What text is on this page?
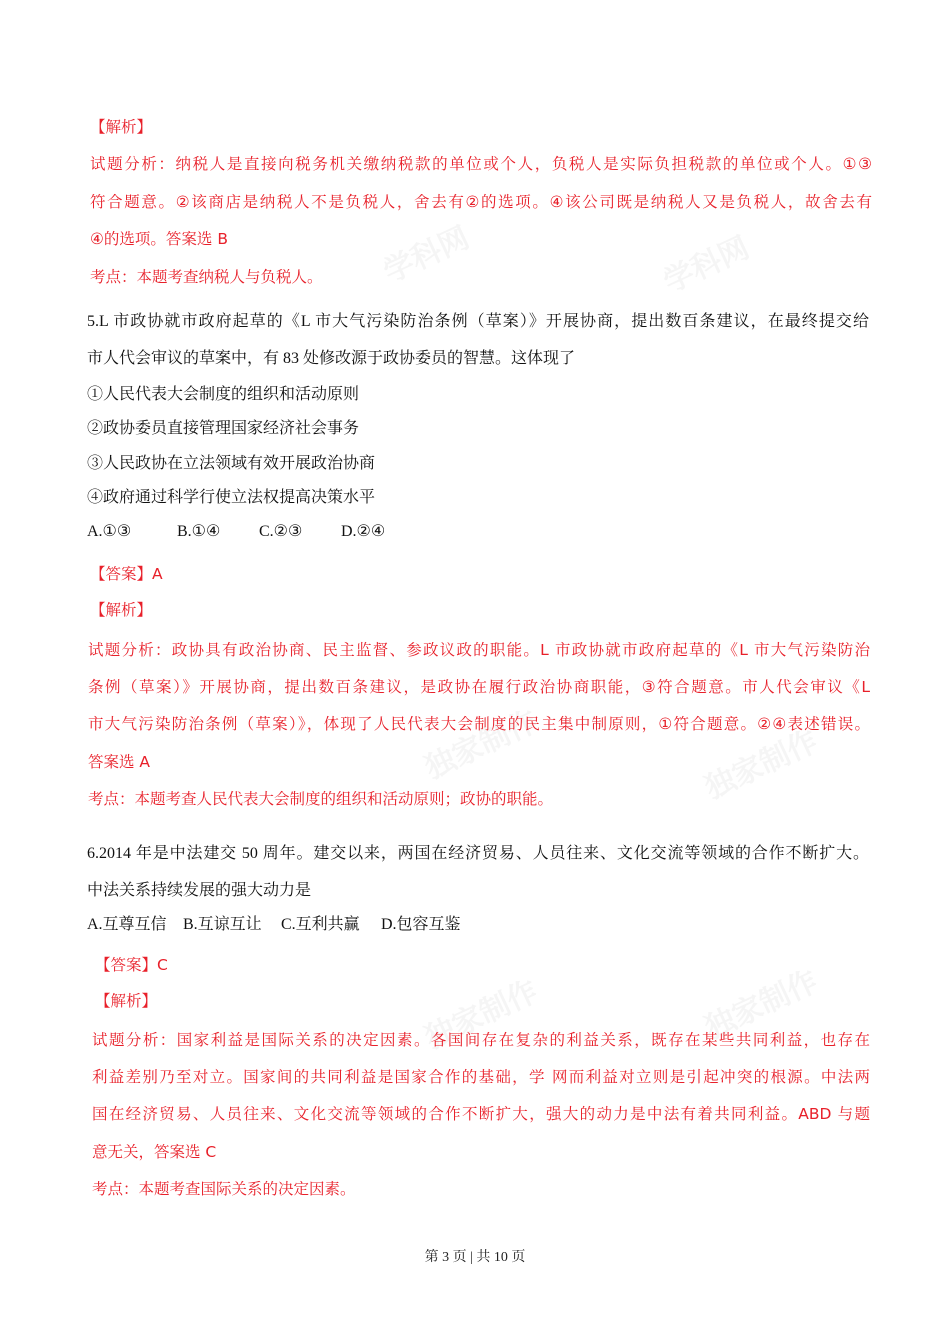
学科网	学科网
独家制作	独家制作
独家制作	独家制作
【解析】
试题分析：纳税人是直接向税务机关缴纳税款的单位或个人，负税人是实际负担税款的单位或个人。①③
符合题意。②该商店是纳税人不是负税人，舍去有②的选项。④该公司既是纳税人又是负税人，故舍去有
④的选项。答案选 B
考点：本题考查纳税人与负税人。
5.L 市政协就市政府起草的《L 市大气污染防治条例（草案）》开展协商，提出数百条建议，在最终提交给
市人代会审议的草案中，有 83 处修改源于政协委员的智慧。这体现了
①人民代表大会制度的组织和活动原则
②政协委员直接管理国家经济社会事务
③人民政协在立法领域有效开展政治协商
④政府通过科学行使立法权提高决策水平
A.①③	B.①④ C.②③ D.②④
【答案】A
【解析】
试题分析：政协具有政治协商、民主监督、参政议政的职能。L 市政协就市政府起草的《L 市大气污染防治
条例（草案）》开展协商，提出数百条建议，是政协在履行政治协商职能，③符合题意。市人代会审议《L
市大气污染防治条例（草案）》，体现了人民代表大会制度的民主集中制原则，①符合题意。②④表述错误。
答案选 A
考点：本题考查人民代表大会制度的组织和活动原则；政协的职能。
6.2014 年是中法建交 50 周年。建交以来，两国在经济贸易、人员往来、文化交流等领域的合作不断扩大。
中法关系持续发展的强大动力是
A.互尊互信 B.互谅互让 C.互利共赢 D.包容互鉴
【答案】C
【解析】
试题分析：国家利益是国际关系的决定因素。各国间存在复杂的利益关系，既存在某些共同利益，也存在
利益差别乃至对立。国家间的共同利益是国家合作的基础，学 网而利益对立则是引起冲突的根源。中法两
国在经济贸易、人员往来、文化交流等领域的合作不断扩大，强大的动力是中法有着共同利益。ABD 与题
意无关，答案选 C
考点：本题考查国际关系的决定因素。
第 3 页 | 共 10 页
